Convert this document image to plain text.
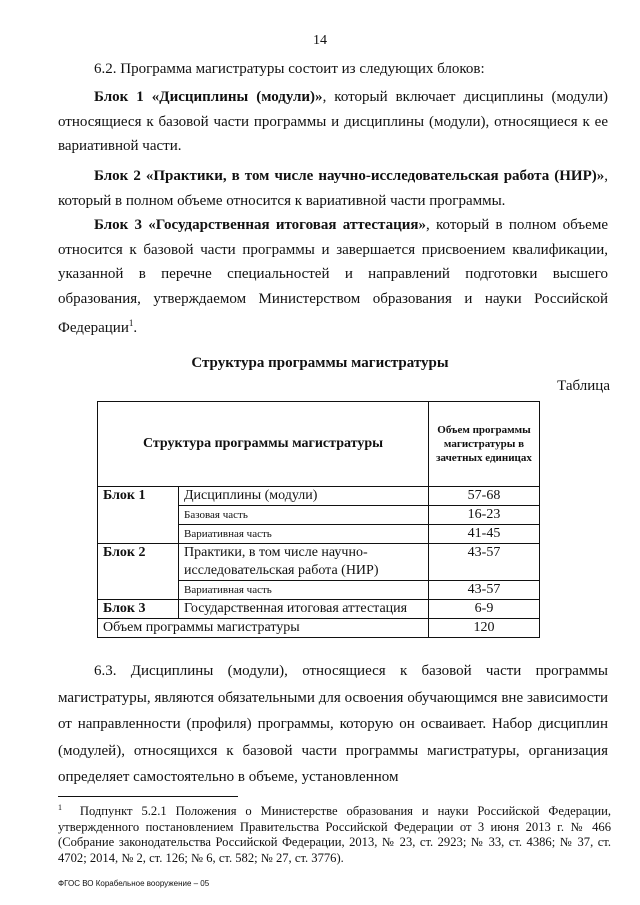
14
6.2. Программа магистратуры состоит из следующих блоков:
Блок 1 «Дисциплины (модули)», который включает дисциплины (модули) относящиеся к базовой части программы и дисциплины (модули), относящиеся к ее вариативной части.
Блок 2 «Практики, в том числе научно-исследовательская работа (НИР)», который в полном объеме относится к вариативной части программы.
Блок 3 «Государственная итоговая аттестация», который в полном объеме относится к базовой части программы и завершается присвоением квалификации, указанной в перечне специальностей и направлений подготовки высшего образования, утверждаемом Министерством образования и науки Российской Федерации$^1$.
Структура программы магистратуры
Таблица
Структура программы магистратуры		Объем программы магистратуры в зачетных единицах
Блок 1	Дисциплины (модули)	57-68
	Базовая часть	16-23
	Вариативная часть	41-45
Блок 2	Практики, в том числе научно-исследовательская работа (НИР)	43-57
	Вариативная часть	43-57
Блок 3	Государственная итоговая аттестация	6-9
Объем программы магистратуры		120
6.3. Дисциплины (модули), относящиеся к базовой части программы магистратуры, являются обязательными для освоения обучающимся вне зависимости от направленности (профиля) программы, которую он осваивает. Набор дисциплин (модулей), относящихся к базовой части программы магистратуры, организация определяет самостоятельно в объеме, установленном
$^1$ Подпункт 5.2.1 Положения о Министерстве образования и науки Российской Федерации, утвержденного постановлением Правительства Российской Федерации от 3 июня 2013 г. № 466 (Собрание законодательства Российской Федерации, 2013, № 23, ст. 2923; № 33, ст. 4386; № 37, ст. 4702; 2014, № 2, ст. 126; № 6, ст. 582; № 27, ст. 3776).
ФГОС ВО Корабельное вооружение – 05
